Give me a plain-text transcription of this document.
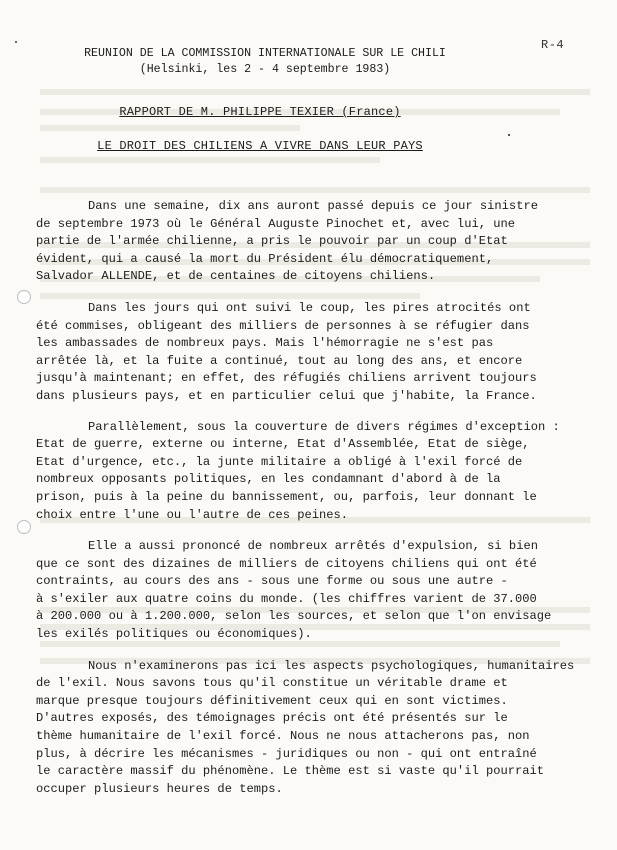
R-4
REUNION DE LA COMMISSION INTERNATIONALE SUR LE CHILI
(Helsinki, les 2 - 4 septembre 1983)
RAPPORT DE M. PHILIPPE TEXIER (France)
LE DROIT DES CHILIENS A VIVRE DANS LEUR PAYS

Dans une semaine, dix ans auront passé depuis ce jour sinistre
de septembre 1973 où le Général Auguste Pinochet et, avec lui, une
partie de l'armée chilienne, a pris le pouvoir par un coup d'Etat
évident, qui a causé la mort du Président élu démocratiquement,
Salvador ALLENDE, et de centaines de citoyens chiliens.

Dans les jours qui ont suivi le coup, les pires atrocités ont
été commises, obligeant des milliers de personnes à se réfugier dans
les ambassades de nombreux pays. Mais l'hémorragie ne s'est pas
arrêtée là, et la fuite a continué, tout au long des ans, et encore
jusqu'à maintenant; en effet, des réfugiés chiliens arrivent toujours
dans plusieurs pays, et en particulier celui que j'habite, la France.

Parallèlement, sous la couverture de divers régimes d'exception :
Etat de guerre, externe ou interne, Etat d'Assemblée, Etat de siège,
Etat d'urgence, etc., la junte militaire a obligé à l'exil forcé de
nombreux opposants politiques, en les condamnant d'abord à de la
prison, puis à la peine du bannissement, ou, parfois, leur donnant le
choix entre l'une ou l'autre de ces peines.

Elle a aussi prononcé de nombreux arrêtés d'expulsion, si bien
que ce sont des dizaines de milliers de citoyens chiliens qui ont été
contraints, au cours des ans - sous une forme ou sous une autre -
à s'exiler aux quatre coins du monde. (les chiffres varient de 37.000
à 200.000 ou à 1.200.000, selon les sources, et selon que l'on envisage
les exilés politiques ou économiques).

Nous n'examinerons pas ici les aspects psychologiques, humanitaires
de l'exil. Nous savons tous qu'il constitue un véritable drame et
marque presque toujours définitivement ceux qui en sont victimes.
D'autres exposés, des témoignages précis ont été présentés sur le
thème humanitaire de l'exil forcé. Nous ne nous attacherons pas, non
plus, à décrire les mécanismes - juridiques ou non - qui ont entraîné
le caractère massif du phénomène. Le thème est si vaste qu'il pourrait
occuper plusieurs heures de temps.
